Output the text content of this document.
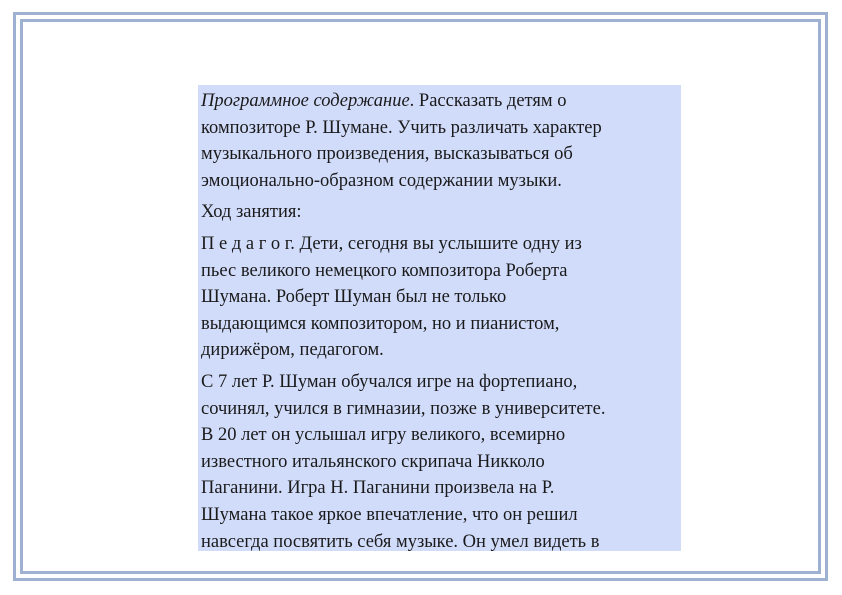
Программное содержание. Рассказать детям о
композиторе Р. Шумане. Учить различать характер
музыкального произведения, высказываться об
эмоционально-образном содержании музыки.

Ход занятия:

П е д а г о г. Дети, сегодня вы услышите одну из
пьес великого немецкого композитора Роберта
Шумана. Роберт Шуман был не только
выдающимся композитором, но и пианистом,
дирижёром, педагогом.

С 7 лет Р. Шуман обучался игре на фортепиано,
сочинял, учился в гимназии, позже в университете.
В 20 лет он услышал игру великого, всемирно
известного итальянского скрипача Никколо
Паганини. Игра Н. Паганини произвела на Р.
Шумана такое яркое впечатление, что он решил
навсегда посвятить себя музыке. Он умел видеть в
